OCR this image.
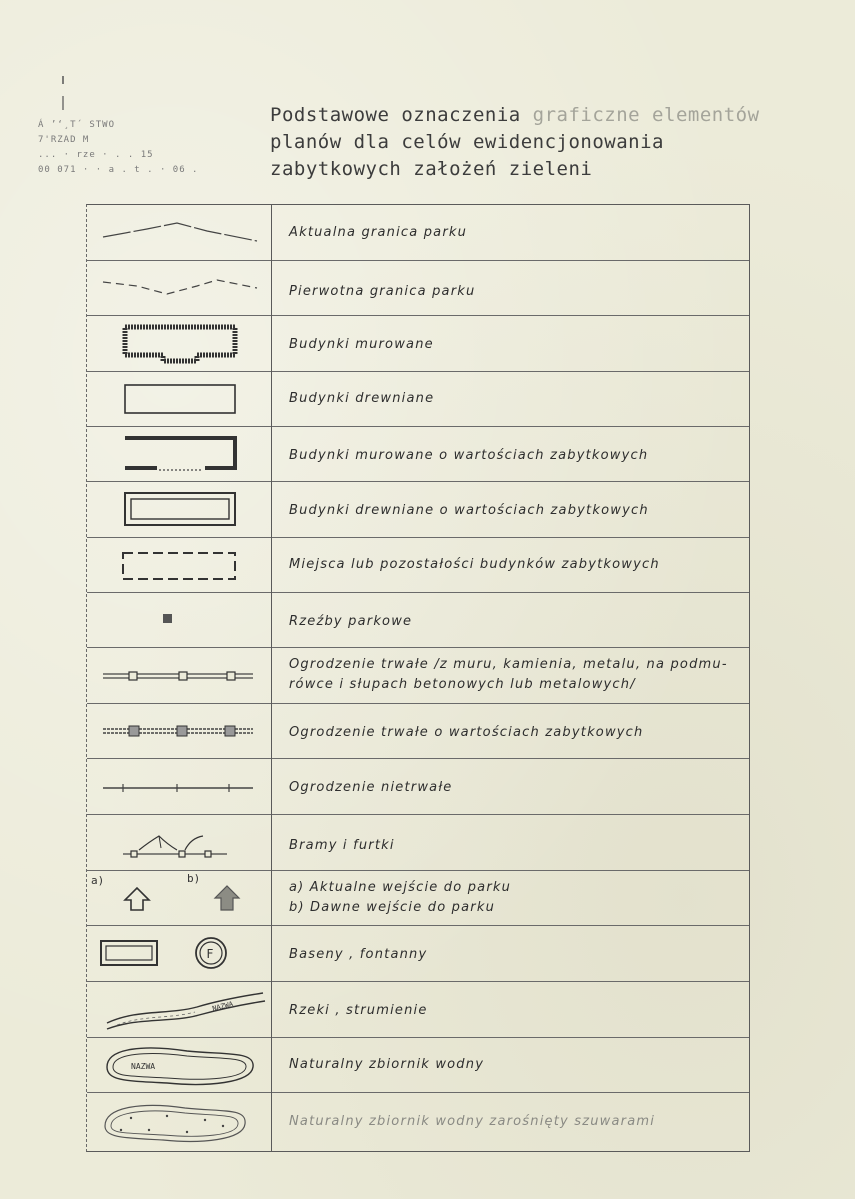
Á ’‘¸T´ STWO
7'RZAD M
... · rze · . . 15
00 071 · · a . t . · 06 .
Podstawowe oznaczenia graficzne elementów
planów dla celów ewidencjonowania
zabytkowych założeń zieleni
Aktualna granica parku
Pierwotna granica parku
Budynki murowane
Budynki drewniane
Budynki murowane o wartościach zabytkowych
Budynki drewniane o wartościach zabytkowych
Miejsca lub pozostałości budynków zabytkowych
Rzeźby parkowe
Ogrodzenie trwałe /z muru, kamienia, metalu, na podmu-
rówce i słupach betonowych lub metalowych/
Ogrodzenie trwałe o wartościach zabytkowych
Ogrodzenie nietrwałe
Bramy i furtki
a)	b)
a) Aktualne wejście do parku
b) Dawne wejście do parku
F	Baseny , fontanny
NAZWA	Rzeki , strumienie
NAZWA	Naturalny zbiornik wodny
Naturalny zbiornik wodny zarośnięty szuwarami
